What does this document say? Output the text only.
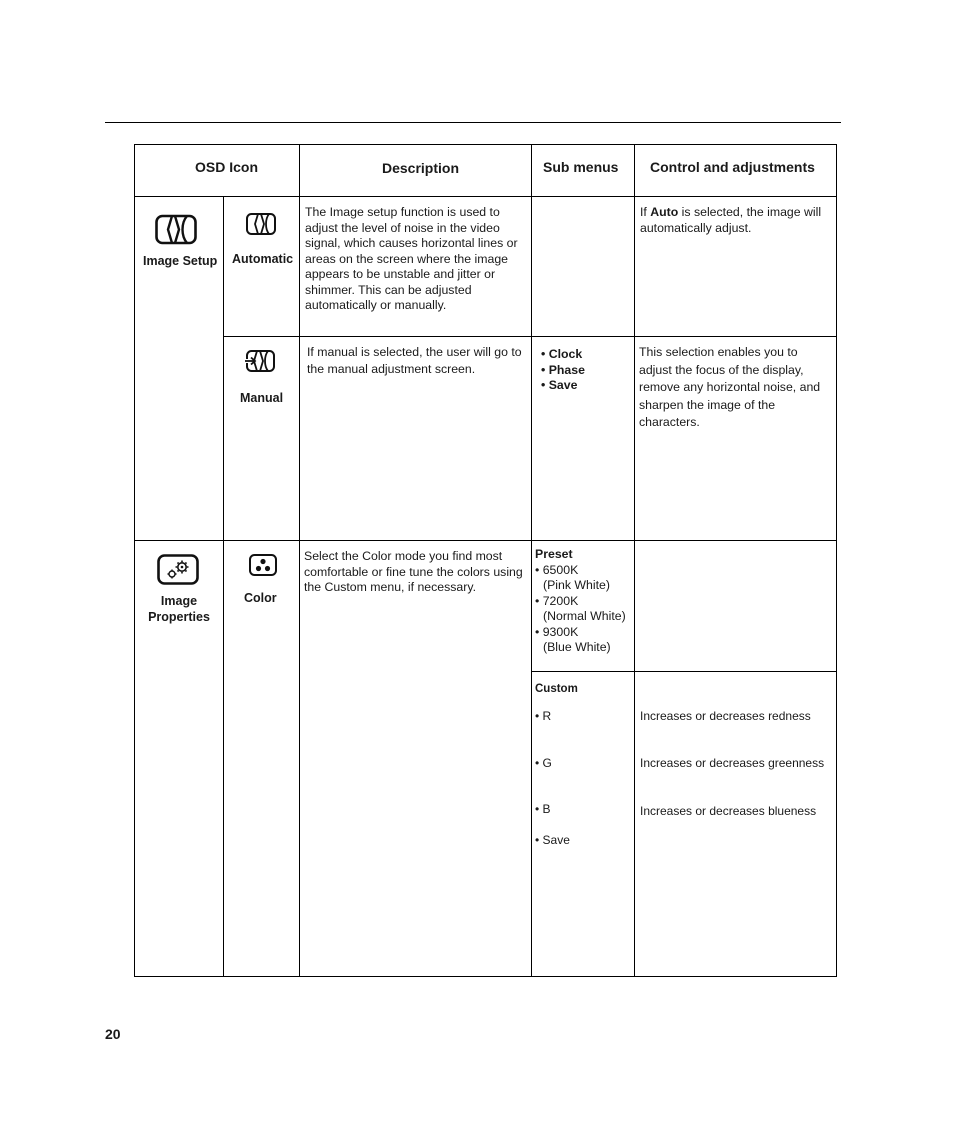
OSD Icon	Description	Sub menus Control and adjustments
Image Setup Automatic
The Image setup function is used to adjust the level of noise in the video signal, which causes horizontal lines or areas on the screen where the image appears to be unstable and jitter or shimmer. This can be adjusted automatically or manually.
If Auto is selected, the image will automatically adjust.
Manual
If manual is selected, the user will go to the manual adjustment screen.
• Clock
• Phase
• Save
This selection enables you to adjust the focus of the display, remove any horizontal noise, and sharpen the image of the characters.
Image
Properties
Color
Select the Color mode you find most comfortable or fine tune the colors using the Custom menu, if necessary.
Preset
• 6500K
(Pink White)
• 7200K
(Normal White)
• 9300K
(Blue White)
Custom
• R
• G
• B
• Save
Increases or decreases redness
Increases or decreases greenness
Increases or decreases blueness
20
